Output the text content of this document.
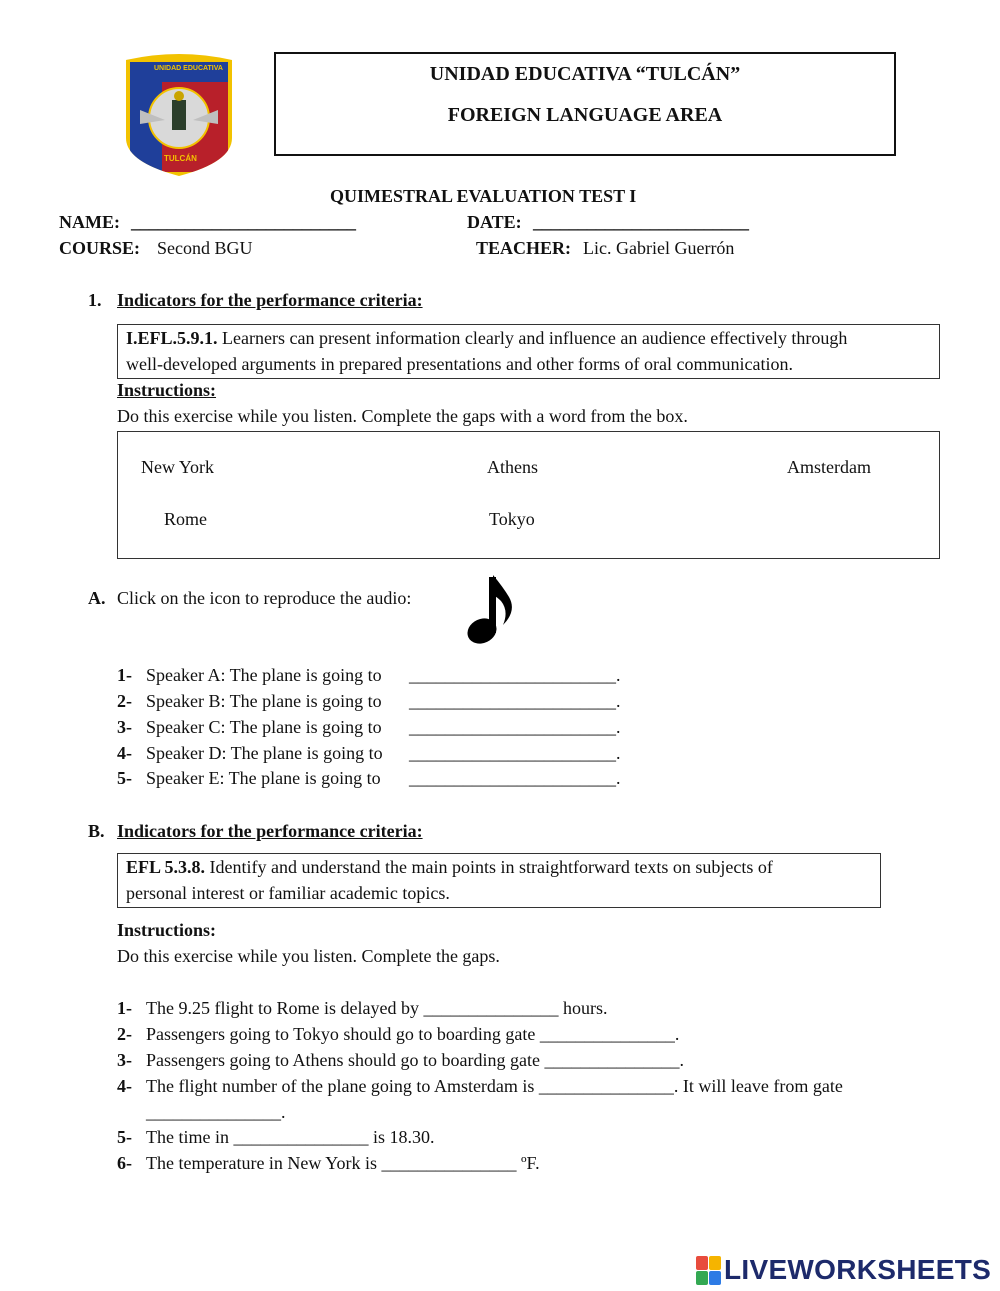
UNIDAD EDUCATIVA
TULCÁN
UNIDAD EDUCATIVA “TULCÁN”
FOREIGN LANGUAGE AREA
QUIMESTRAL EVALUATION TEST I
NAME: _________________________	DATE: ________________________
COURSE: Second BGU	TEACHER: Lic. Gabriel Guerrón
1. Indicators for the performance criteria:
I.EFL.5.9.1. Learners can present information clearly and influence an audience effectively through
well-developed arguments in prepared presentations and other forms of oral communication.
Instructions:
Do this exercise while you listen. Complete the gaps with a word from the box.
New York	Athens	Amsterdam
Rome	Tokyo
A. Click on the icon to reproduce the audio:
1- Speaker A: The plane is going to _______________________.
2- Speaker B: The plane is going to _______________________.
3- Speaker C: The plane is going to _______________________.
4- Speaker D: The plane is going to _______________________.
5- Speaker E: The plane is going to _______________________.
B. Indicators for the performance criteria:
EFL 5.3.8. Identify and understand the main points in straightforward texts on subjects of
personal interest or familiar academic topics.
Instructions:
Do this exercise while you listen. Complete the gaps.
1- The 9.25 flight to Rome is delayed by _______________ hours.
2- Passengers going to Tokyo should go to boarding gate _______________.
3- Passengers going to Athens should go to boarding gate _______________.
4- The flight number of the plane going to Amsterdam is _______________. It will leave from gate
_______________.
5- The time in _______________ is 18.30.
6- The temperature in New York is _______________ ºF.
LIVEWORKSHEETS
